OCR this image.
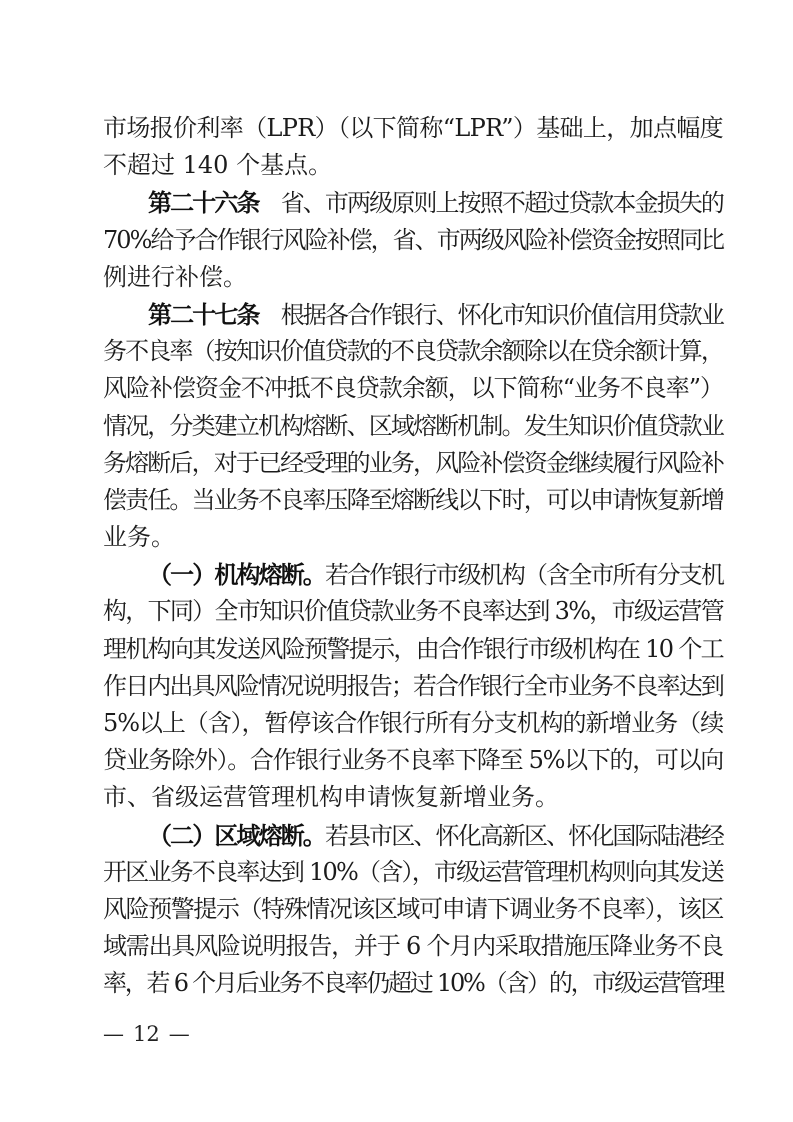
市场报价利率（LPR）（以下简称“LPR”）基础上，加点幅度
不超过 140 个基点。
第二十六条　省、市两级原则上按照不超过贷款本金损失的
70%给予合作银行风险补偿，省、市两级风险补偿资金按照同比
例进行补偿。
第二十七条　根据各合作银行、怀化市知识价值信用贷款业
务不良率（按知识价值贷款的不良贷款余额除以在贷余额计算，
风险补偿资金不冲抵不良贷款余额，以下简称“业务不良率”）
情况，分类建立机构熔断、区域熔断机制。发生知识价值贷款业
务熔断后，对于已经受理的业务，风险补偿资金继续履行风险补
偿责任。当业务不良率压降至熔断线以下时，可以申请恢复新增
业务。
（一）机构熔断。若合作银行市级机构（含全市所有分支机
构，下同）全市知识价值贷款业务不良率达到 3%，市级运营管
理机构向其发送风险预警提示，由合作银行市级机构在 10 个工
作日内出具风险情况说明报告；若合作银行全市业务不良率达到
5%以上（含），暂停该合作银行所有分支机构的新增业务（续
贷业务除外）。合作银行业务不良率下降至 5%以下的，可以向
市、省级运营管理机构申请恢复新增业务。
（二）区域熔断。若县市区、怀化高新区、怀化国际陆港经
开区业务不良率达到 10%（含），市级运营管理机构则向其发送
风险预警提示（特殊情况该区域可申请下调业务不良率），该区
域需出具风险说明报告，并于 6 个月内采取措施压降业务不良
率，若 6 个月后业务不良率仍超过 10%（含）的，市级运营管理
— 12 —
